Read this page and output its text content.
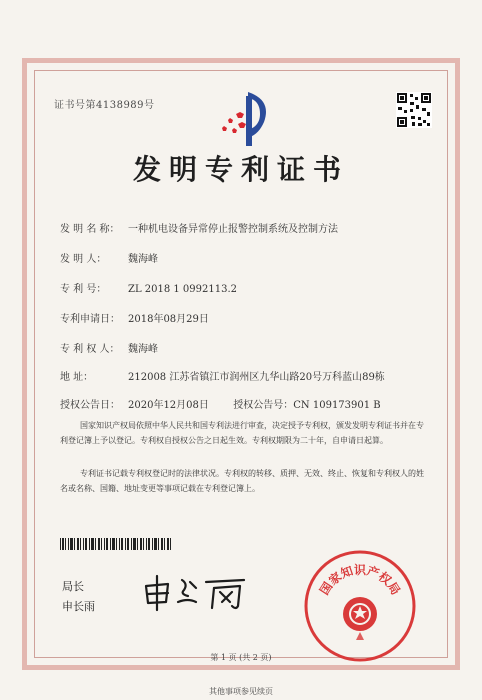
证书号第4138989号
发明专利证书
发 明 名 称： 一种机电设备异常停止报警控制系统及控制方法
发 明 人： 魏海峰
专 利 号： ZL 2018 1 0992113.2
专利申请日： 2018年08月29日
专 利 权 人： 魏海峰
地 址：	212008 江苏省镇江市润州区九华山路20号万科蓝山89栋
授权公告日： 2020年12月08日 授权公告号：CN 109173901 B
国家知识产权局依照中华人民共和国专利法进行审查，决定授予专利权，颁发发明专利证书并在专利登记簿上予以登记。专利权自授权公告之日起生效。专利权期限为二十年，自申请日起算。
专利证书记载专利权登记时的法律状况。专利权的转移、质押、无效、终止、恢复和专利权人的姓名或名称、国籍、地址变更等事项记载在专利登记簿上。
局长
申长雨
国家知识产权局
第 1 页 (共 2 页)
其他事项参见续页
